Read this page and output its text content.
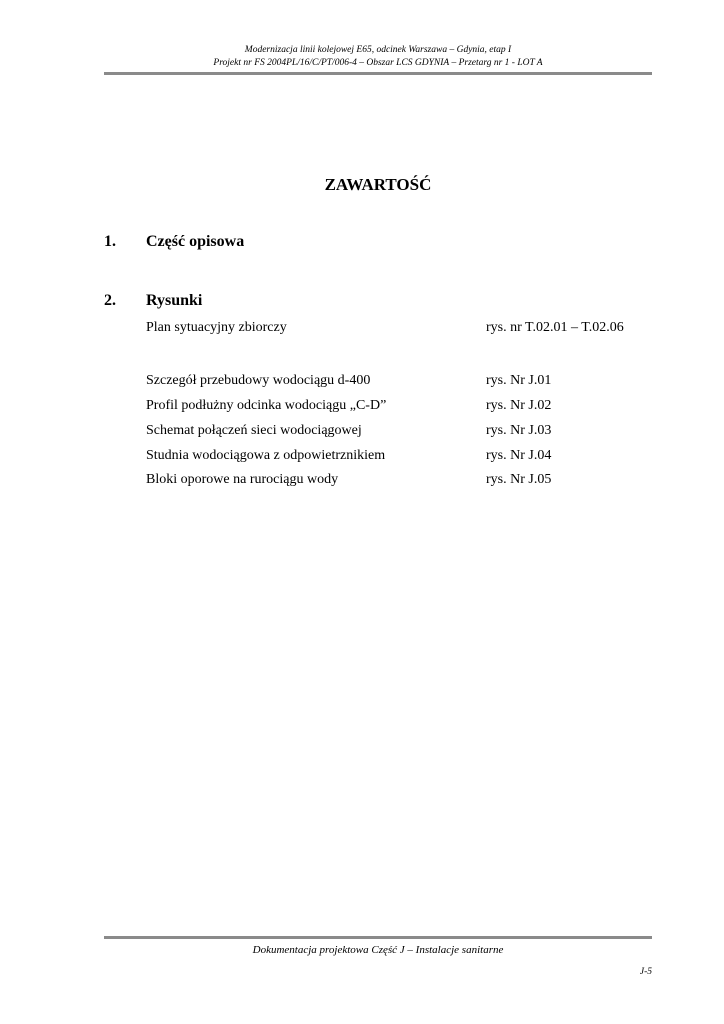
Modernizacja linii kolejowej E65, odcinek Warszawa – Gdynia, etap I
Projekt nr FS 2004PL/16/C/PT/006-4 – Obszar LCS GDYNIA – Przetarg nr 1 - LOT A
ZAWARTOŚĆ
1. Część opisowa
2. Rysunki
Plan sytuacyjny zbiorczy	rys. nr T.02.01 – T.02.06
Szczegół przebudowy wodociągu d-400	rys. Nr J.01
Profil podłużny odcinka wodociągu „C-D”	rys. Nr J.02
Schemat połączeń sieci wodociągowej	rys. Nr J.03
Studnia wodociągowa z odpowietrznikiem	rys. Nr J.04
Bloki oporowe na rurociągu wody	rys. Nr J.05
Dokumentacja projektowa Część J – Instalacje sanitarne
J-5
